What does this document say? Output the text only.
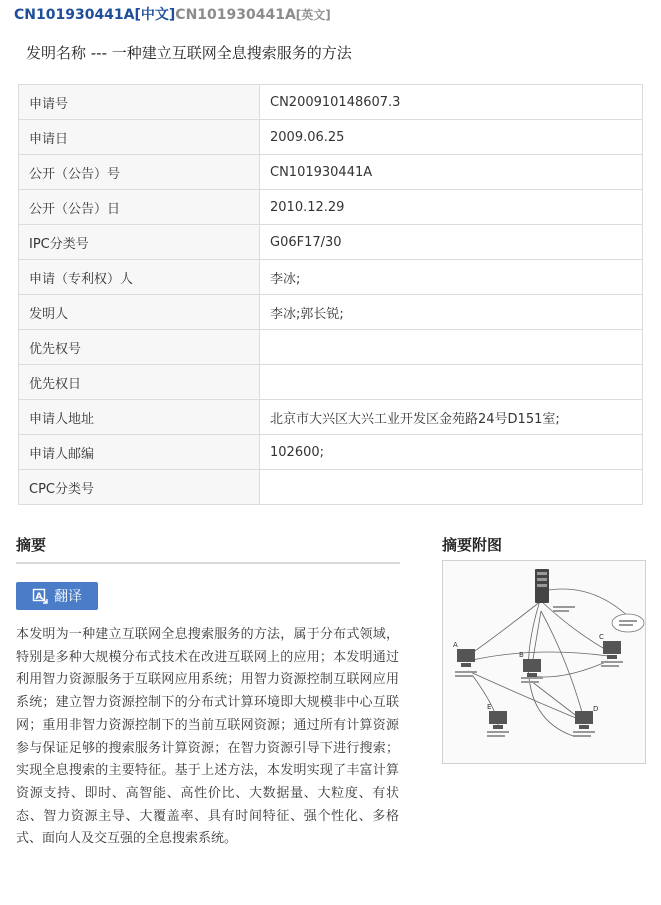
CN101930441A[中文]CN101930441A[英文]
发明名称 --- 一种建立互联网全息搜索服务的方法
申请号	CN200910148607.3
申请日	2009.06.25
公开（公告）号	CN101930441A
公开（公告）日	2010.12.29
IPC分类号	G06F17/30
申请（专利权）人	李冰;
发明人	李冰;郭长锐;
优先权号	
优先权日	
申请人地址	北京市大兴区大兴工业开发区金苑路24号D151室;
申请人邮编	102600;
CPC分类号	
摘要
A 翻译
本发明为一种建立互联网全息搜索服务的方法，属于分布式领域，特别是多种大规模分布式技术在改进互联网上的应用；本发明通过利用智力资源服务于互联网应用系统；用智力资源控制互联网应用系统；建立智力资源控制下的分布式计算环境即大规模非中心互联网；重用非智力资源控制下的当前互联网资源；通过所有计算资源参与保证足够的搜索服务计算资源；在智力资源引导下进行搜索；实现全息搜索的主要特征。基于上述方法，本发明实现了丰富计算资源支持、即时、高智能、高性价比、大数据量、大粒度、有状态、智力资源主导、大覆盖率、具有时间特征、强个性化、多格式、面向人及交互强的全息搜索系统。
摘要附图
A
B
C
D
E
